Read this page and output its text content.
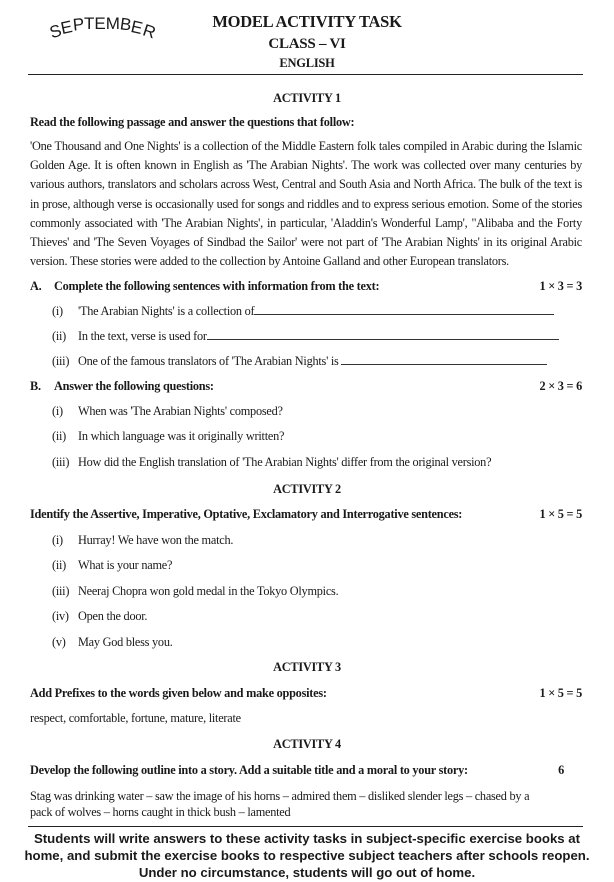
SEPTEMBER	MODEL ACTIVITY TASK
CLASS – VI
ENGLISH
ACTIVITY 1
Read the following passage and answer the questions that follow:
'One Thousand and One Nights' is a collection of the Middle Eastern folk tales compiled in Arabic during the Islamic Golden Age. It is often known in English as 'The Arabian Nights'. The work was collected over many centuries by various authors, translators and scholars across West, Central and South Asia and North Africa. The bulk of the text is in prose, although verse is occasionally used for songs and riddles and to express serious emotion. Some of the stories commonly associated with 'The Arabian Nights', in particular, 'Aladdin's Wonderful Lamp', "Alibaba and the Forty Thieves' and 'The Seven Voyages of Sindbad the Sailor' were not part of 'The Arabian Nights' in its original Arabic version. These stories were added to the collection by Antoine Galland and other European translators.
A. Complete the following sentences with information from the text:	1 × 3 = 3
(i) 'The Arabian Nights' is a collection of
(ii) In the text, verse is used for
(iii) One of the famous translators of 'The Arabian Nights' is
B. Answer the following questions:	2 × 3 = 6
(i) When was 'The Arabian Nights' composed?
(ii) In which language was it originally written?
(iii) How did the English translation of 'The Arabian Nights' differ from the original version?
ACTIVITY 2
Identify the Assertive, Imperative, Optative, Exclamatory and Interrogative sentences:	1 × 5 = 5
(i) Hurray! We have won the match.
(ii) What is your name?
(iii) Neeraj Chopra won gold medal in the Tokyo Olympics.
(iv) Open the door.
(v) May God bless you.
ACTIVITY 3
Add Prefixes to the words given below and make opposites:	1 × 5 = 5
respect, comfortable, fortune, mature, literate
ACTIVITY 4
Develop the following outline into a story. Add a suitable title and a moral to your story:	6
Stag was drinking water – saw the image of his horns – admired them – disliked slender legs – chased by a
pack of wolves – horns caught in thick bush – lamented
Students will write answers to these activity tasks in subject-specific exercise books at
home, and submit the exercise books to respective subject teachers after schools reopen.
Under no circumstance, students will go out of home.
